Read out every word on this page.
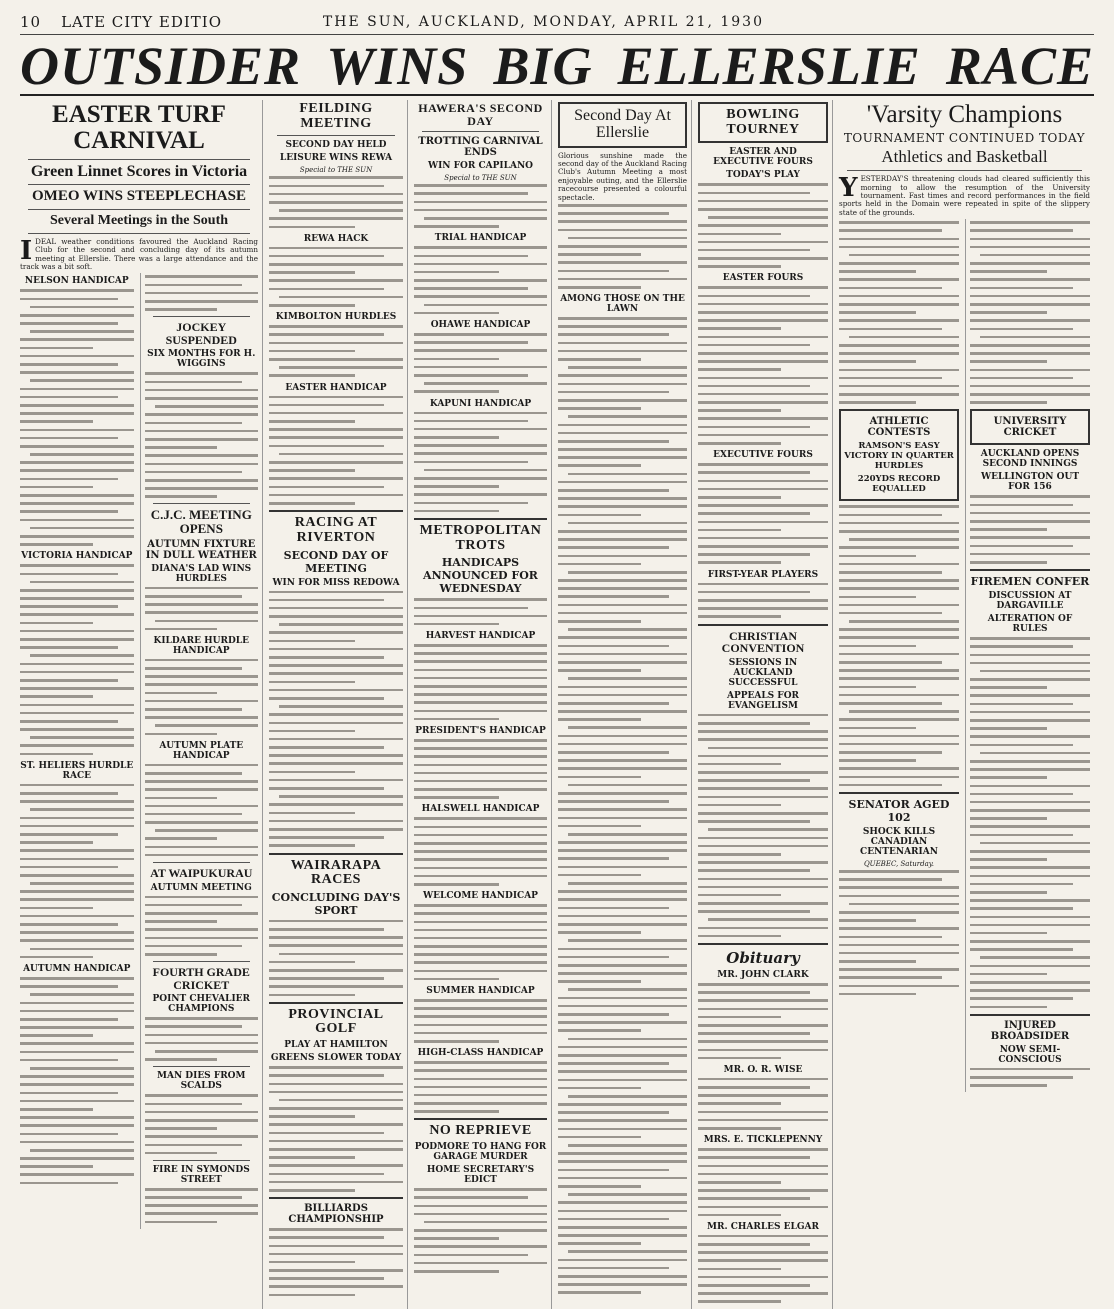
10 LATE CITY EDITIO	THE SUN, AUCKLAND, MONDAY, APRIL 21, 1930
OUTSIDER WINS BIG ELLERSLIE RACE
EASTER TURF CARNIVAL
Green Linnet Scores in Victoria
OMEO WINS STEEPLECHASE
Several Meetings in the South
IDEAL weather conditions favoured the Auckland Racing Club for the second and concluding day of its autumn meeting at Ellerslie. There was a large attendance and the track was a bit soft.
NELSON HANDICAP
VICTORIA HANDICAP
ST. HELIERS HURDLE RACE
AUTUMN HANDICAP
JOCKEY SUSPENDED
SIX MONTHS FOR H. WIGGINS
C.J.C. MEETING OPENS
AUTUMN FIXTURE IN DULL WEATHER
DIANA'S LAD WINS HURDLES
KILDARE HURDLE HANDICAP
AUTUMN PLATE HANDICAP
AT WAIPUKURAU
AUTUMN MEETING
FOURTH GRADE CRICKET
POINT CHEVALIER CHAMPIONS
MAN DIES FROM SCALDS
FIRE IN SYMONDS STREET
FEILDING MEETING
SECOND DAY HELD
LEISURE WINS REWA
Special to THE SUN
REWA HACK
KIMBOLTON HURDLES
EASTER HANDICAP
RACING AT RIVERTON
SECOND DAY OF MEETING
WIN FOR MISS REDOWA
WAIRARAPA RACES
CONCLUDING DAY'S SPORT
PROVINCIAL GOLF
PLAY AT HAMILTON
GREENS SLOWER TODAY
BILLIARDS CHAMPIONSHIP
HAWERA'S SECOND DAY
TROTTING CARNIVAL ENDS
WIN FOR CAPILANO
Special to THE SUN
TRIAL HANDICAP
OHAWE HANDICAP
KAPUNI HANDICAP
METROPOLITAN TROTS
HANDICAPS ANNOUNCED FOR WEDNESDAY
HARVEST HANDICAP
PRESIDENT'S HANDICAP
HALSWELL HANDICAP
WELCOME HANDICAP
SUMMER HANDICAP
HIGH-CLASS HANDICAP
NO REPRIEVE
PODMORE TO HANG FOR GARAGE MURDER
HOME SECRETARY'S EDICT
Second Day At Ellerslie
Glorious sunshine made the second day of the Auckland Racing Club's Autumn Meeting a most enjoyable outing, and the Ellerslie racecourse presented a colourful spectacle.
AMONG THOSE ON THE LAWN
BOWLING TOURNEY
EASTER AND EXECUTIVE FOURS
TODAY'S PLAY
EASTER FOURS
EXECUTIVE FOURS
FIRST-YEAR PLAYERS
CHRISTIAN CONVENTION
SESSIONS IN AUCKLAND SUCCESSFUL
APPEALS FOR EVANGELISM
Obituary
MR. JOHN CLARK
MR. O. R. WISE
MRS. E. TICKLEPENNY
MR. CHARLES ELGAR
'Varsity Champions
TOURNAMENT CONTINUED TODAY
Athletics and Basketball
YESTERDAY'S threatening clouds had cleared sufficiently this morning to allow the resumption of the University tournament. Fast times and record performances in the field sports held in the Domain were repeated in spite of the slippery state of the grounds.
ATHLETIC CONTESTS
RAMSON'S EASY VICTORY IN QUARTER HURDLES
220YDS RECORD EQUALLED
SENATOR AGED 102
SHOCK KILLS CANADIAN CENTENARIAN
QUEBEC, Saturday.
UNIVERSITY CRICKET
AUCKLAND OPENS SECOND INNINGS
WELLINGTON OUT FOR 156
FIREMEN CONFER
DISCUSSION AT DARGAVILLE
ALTERATION OF RULES
INJURED BROADSIDER
NOW SEMI-CONSCIOUS
